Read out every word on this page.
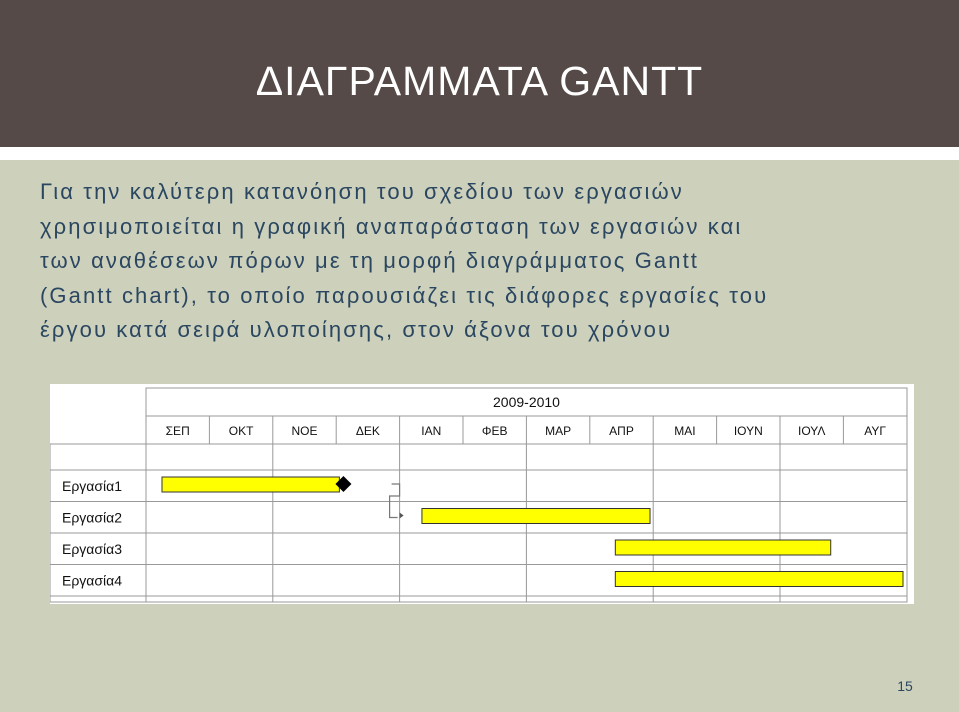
ΔΙΑΓΡΑΜΜΑΤΑ GANTT
Για την καλύτερη κατανόηση του σχεδίου των εργασιών
χρησιμοποιείται η γραφική αναπαράσταση των εργασιών και
των αναθέσεων πόρων με τη μορφή διαγράμματος Gantt
(Gantt chart), το οποίο παρουσιάζει τις διάφορες εργασίες του
έργου κατά σειρά υλοποίησης, στον άξονα του χρόνου
2009-2010
ΣΕΠ	ΟΚΤ	ΝΟΕ	ΔΕΚ	ΙΑΝ	ΦΕΒ	ΜΑΡ	ΑΠΡ	ΜΑΙ	ΙΟΥΝ	ΙΟΥΛ	ΑΥΓ
Εργασία1
Εργασία2
Εργασία3
Εργασία4
15
